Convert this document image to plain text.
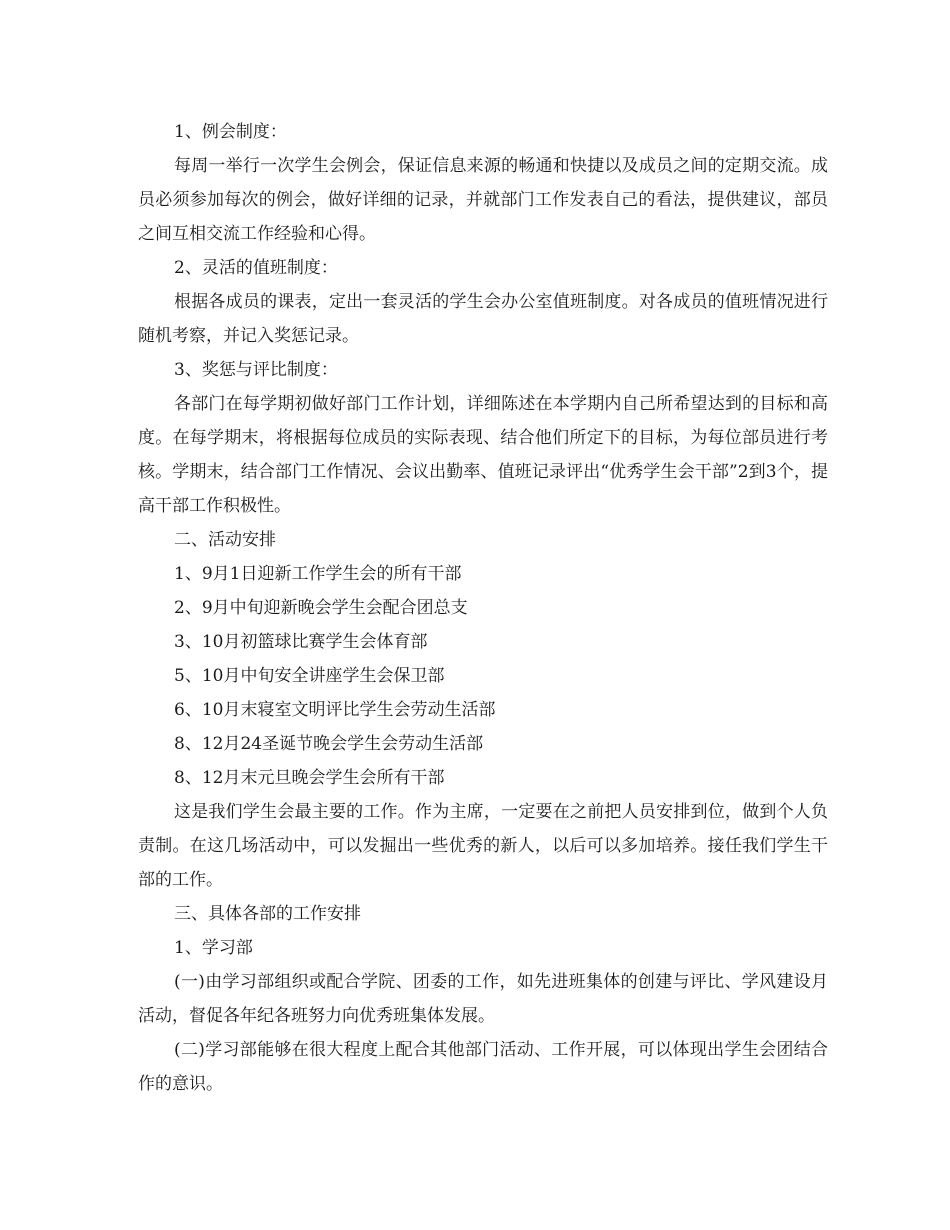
1、例会制度：

每周一举行一次学生会例会，保证信息来源的畅通和快捷以及成员之间的定期交流。成员必须参加每次的例会，做好详细的记录，并就部门工作发表自己的看法，提供建议，部员之间互相交流工作经验和心得。

2、灵活的值班制度：

根据各成员的课表，定出一套灵活的学生会办公室值班制度。对各成员的值班情况进行随机考察，并记入奖惩记录。

3、奖惩与评比制度：

各部门在每学期初做好部门工作计划，详细陈述在本学期内自己所希望达到的目标和高度。在每学期末，将根据每位成员的实际表现、结合他们所定下的目标，为每位部员进行考核。学期末，结合部门工作情况、会议出勤率、值班记录评出“优秀学生会干部”2到3个，提高干部工作积极性。

二、活动安排

1、9月1日迎新工作学生会的所有干部

2、9月中旬迎新晚会学生会配合团总支

3、10月初篮球比赛学生会体育部

5、10月中旬安全讲座学生会保卫部

6、10月末寝室文明评比学生会劳动生活部

8、12月24圣诞节晚会学生会劳动生活部

8、12月末元旦晚会学生会所有干部

这是我们学生会最主要的工作。作为主席，一定要在之前把人员安排到位，做到个人负责制。在这几场活动中，可以发掘出一些优秀的新人，以后可以多加培养。接任我们学生干部的工作。

三、具体各部的工作安排

1、学习部

(一)由学习部组织或配合学院、团委的工作，如先进班集体的创建与评比、学风建设月活动，督促各年纪各班努力向优秀班集体发展。

(二)学习部能够在很大程度上配合其他部门活动、工作开展，可以体现出学生会团结合作的意识。
